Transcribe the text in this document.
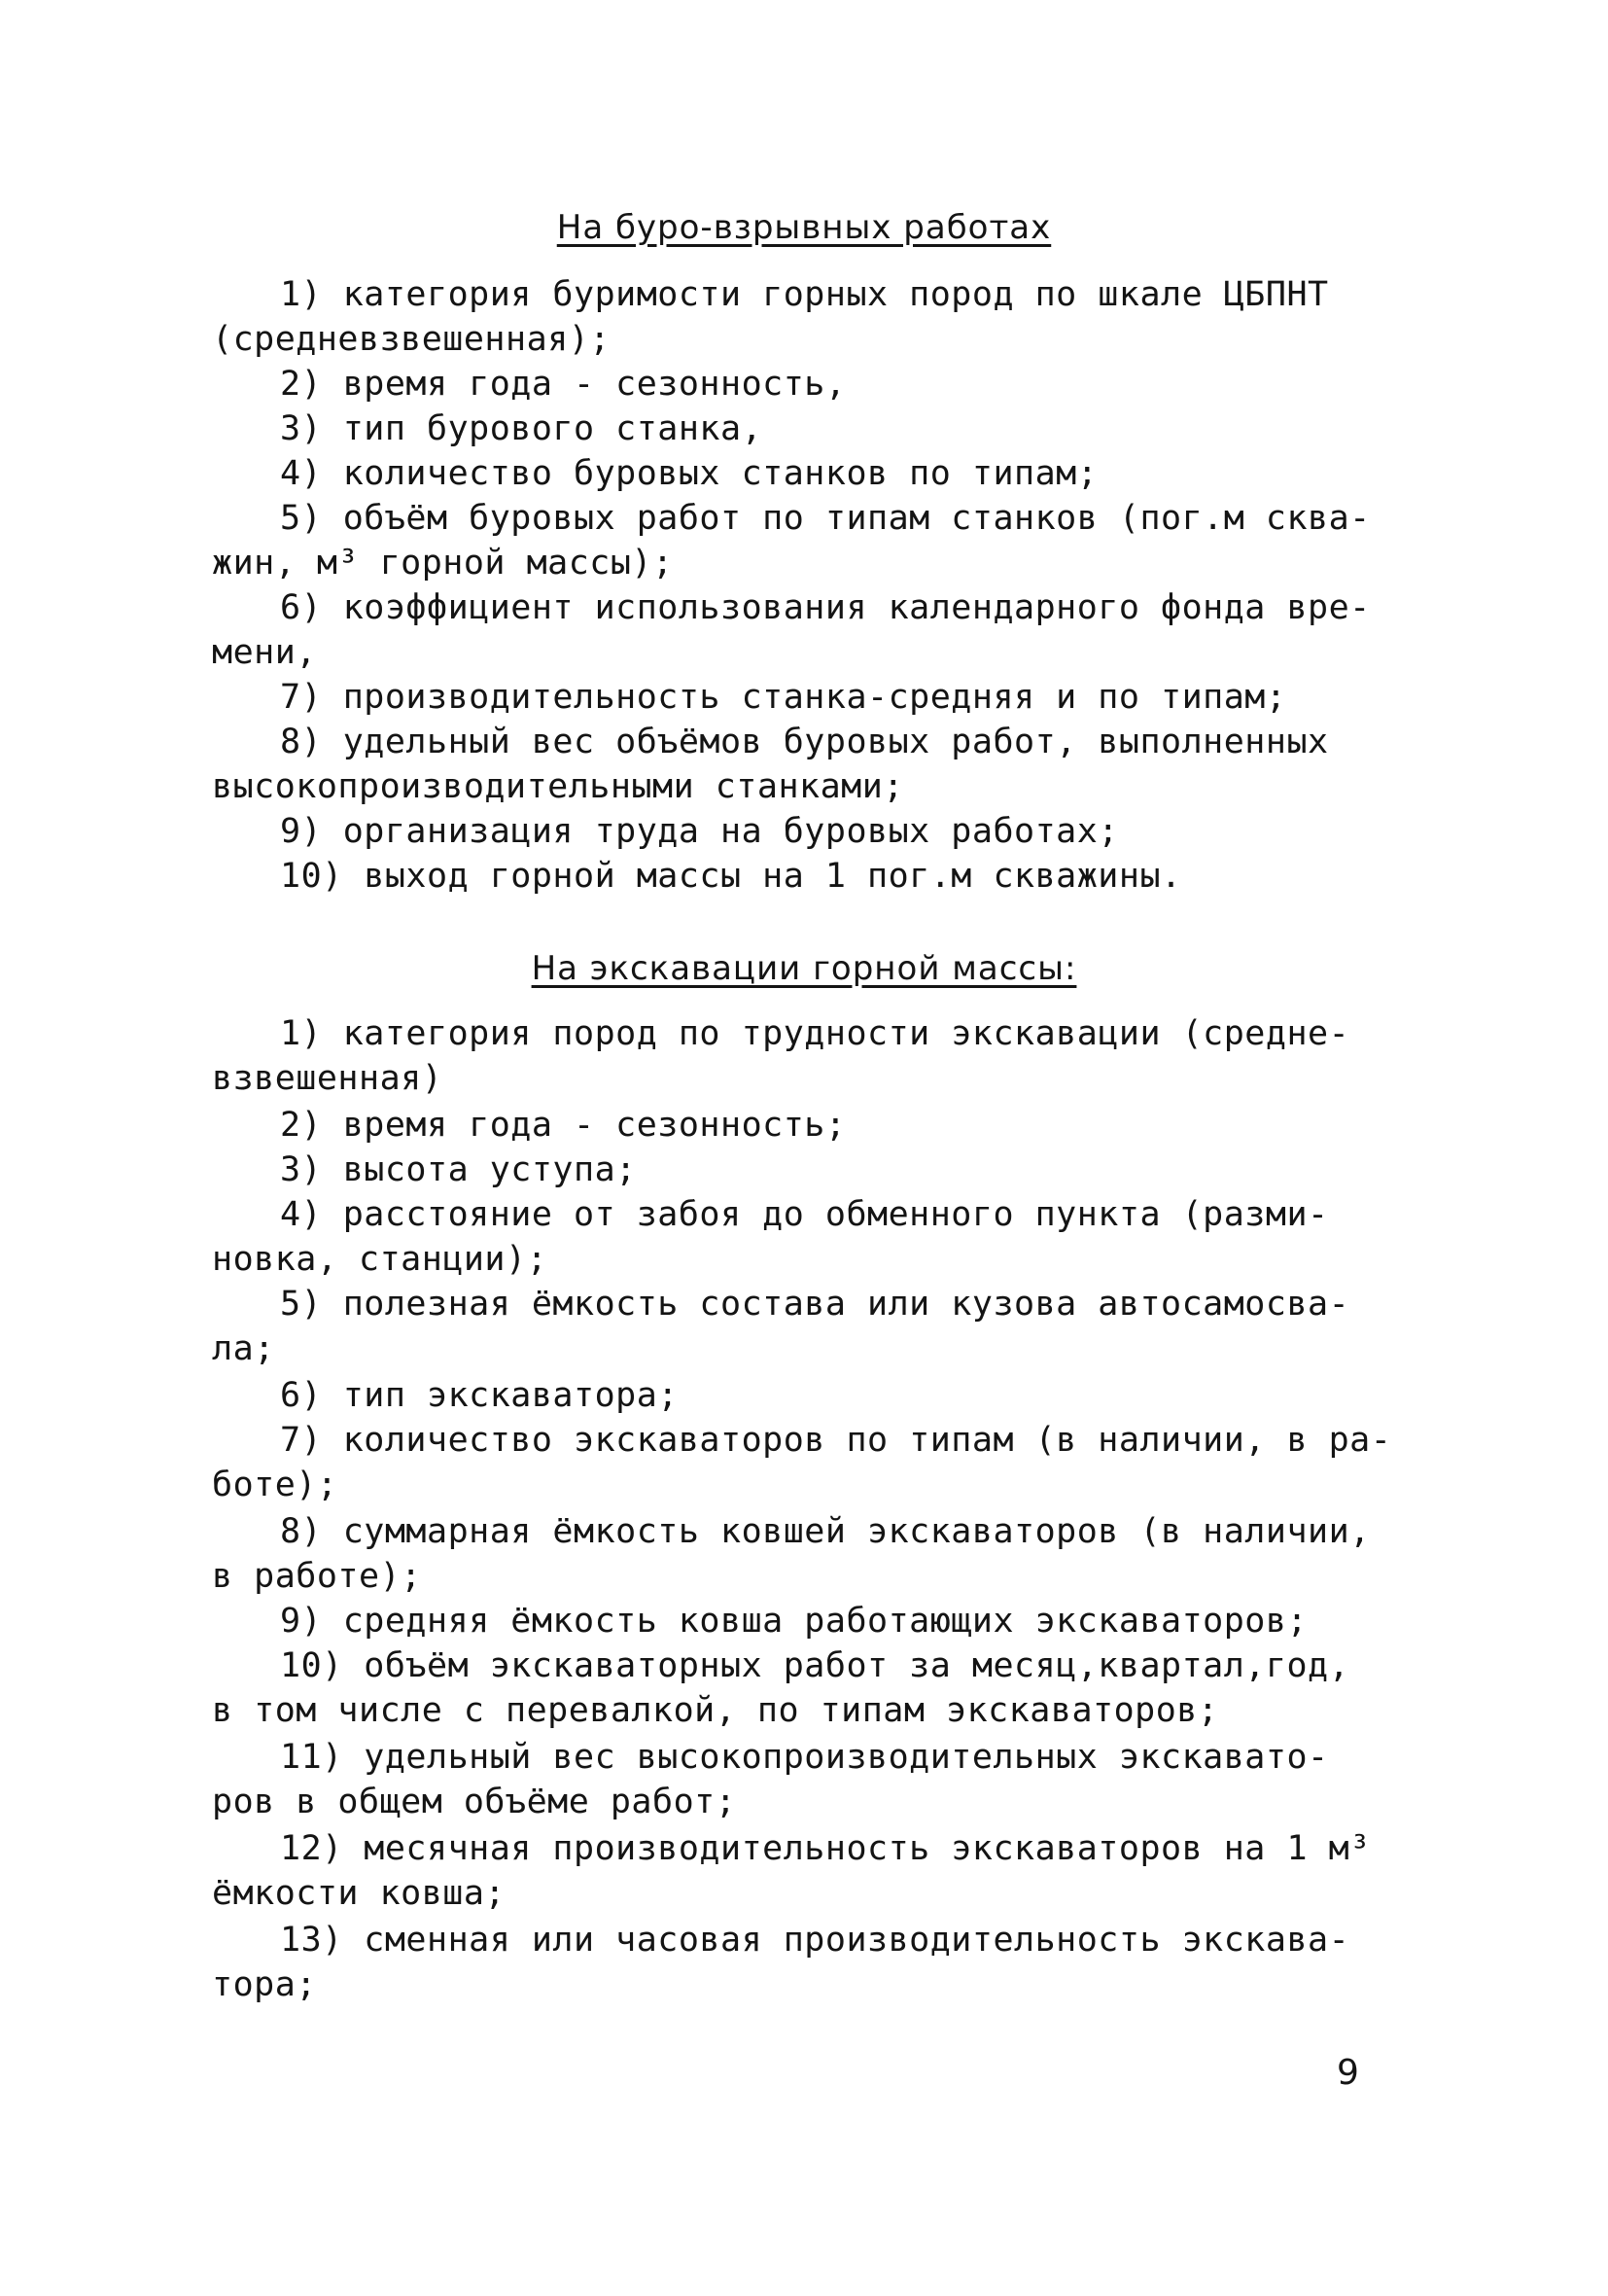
На буро-взрывных работах
1) категория буримости горных пород по шкале ЦБПНТ
(средневзвешенная);
2) время года - сезонность,
3) тип бурового станка,
4) количество буровых станков по типам;
5) объём буровых работ по типам станков (пог.м сква-
жин, м³ горной массы);
6) коэффициент использования календарного фонда вре-
мени,
7) производительность станка-средняя и по типам;
8) удельный вес объёмов буровых работ, выполненных
высокопроизводительными станками;
9) организация труда на буровых работах;
10) выход горной массы на 1 пог.м скважины.
На экскавации горной массы:
1) категория пород по трудности экскавации (средне-
взвешенная)
2) время года - сезонность;
3) высота уступа;
4) расстояние от забоя до обменного пункта (разми-
новка, станции);
5) полезная ёмкость состава или кузова автосамосва-
ла;
6) тип экскаватора;
7) количество экскаваторов по типам (в наличии, в ра-
боте);
8) суммарная ёмкость ковшей экскаваторов (в наличии,
в работе);
9) средняя ёмкость ковша работающих экскаваторов;
10) объём экскаваторных работ за месяц,квартал,год,
в том числе с перевалкой, по типам экскаваторов;
11) удельный вес высокопроизводительных экскавато-
ров в общем объёме работ;
12) месячная производительность экскаваторов на 1 м³
ёмкости ковша;
13) сменная или часовая производительность экскава-
тора;
9
